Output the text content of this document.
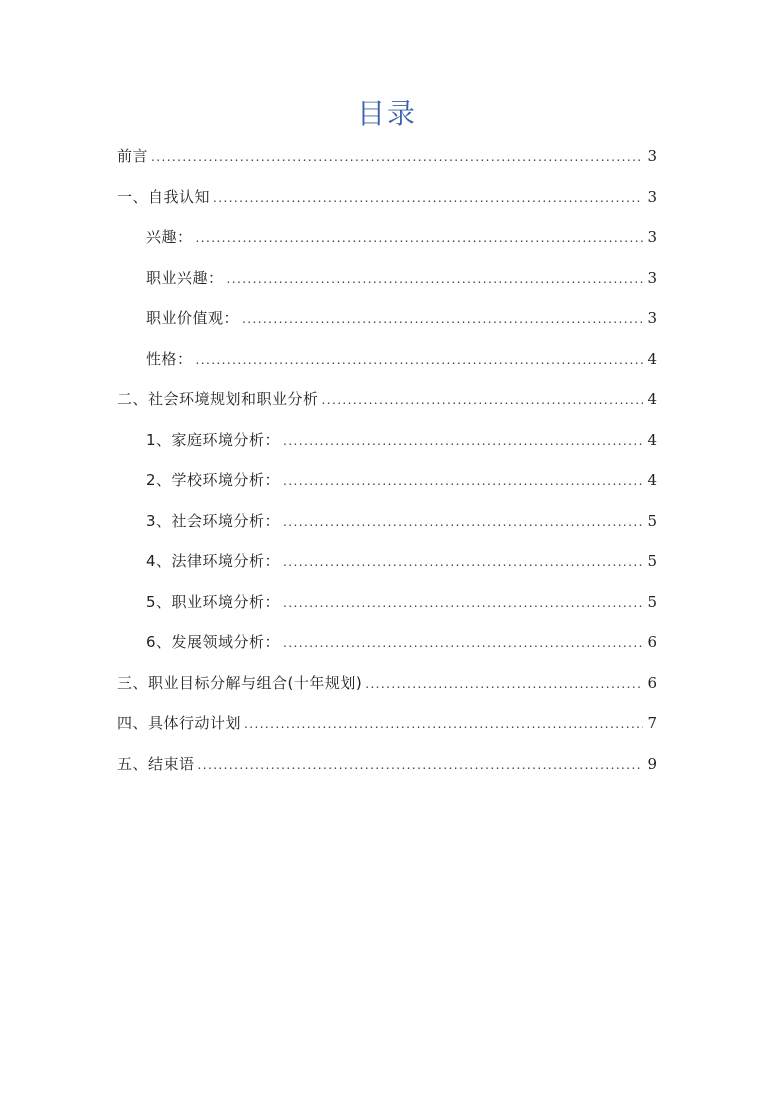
目录
前言 . . .	3
一、自我认知 . . .	3
兴趣： . . .	3
职业兴趣： . . .	3
职业价值观： . . .	3
性格： . . .	4
二、社会环境规划和职业分析 . . .	4
1、家庭环境分析： . . .	4
2、学校环境分析： . . .	4
3、社会环境分析： . . .	5
4、法律环境分析： . . .	5
5、职业环境分析： . . .	5
6、发展领域分析： . . .	6
三、职业目标分解与组合(十年规划) . . .	6
四、具体行动计划 . . .	7
五、结束语 . . .	9
